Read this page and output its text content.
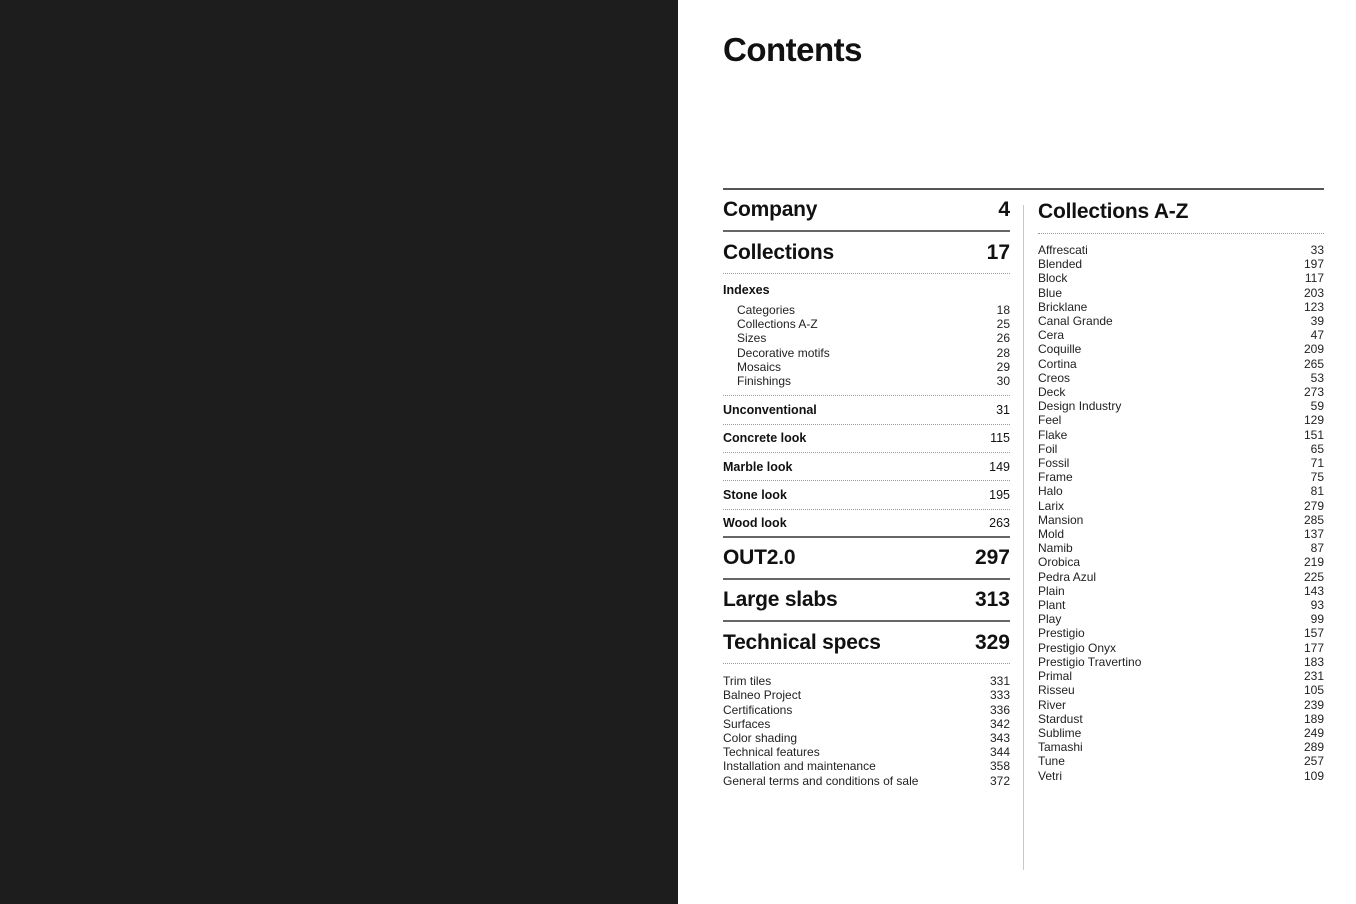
Contents
Company	4
Collections	17
Indexes
Categories	18
Collections A-Z	25
Sizes	26
Decorative motifs	28
Mosaics	29
Finishings	30
Unconventional	31
Concrete look	115
Marble look	149
Stone look	195
Wood look	263
OUT2.0	297
Large slabs	313
Technical specs	329
Trim tiles	331
Balneo Project	333
Certifications	336
Surfaces	342
Color shading	343
Technical features	344
Installation and maintenance	358
General terms and conditions of sale	372
Collections A-Z
Affrescati	33
Blended	197
Block	117
Blue	203
Bricklane	123
Canal Grande	39
Cera	47
Coquille	209
Cortina	265
Creos	53
Deck	273
Design Industry	59
Feel	129
Flake	151
Foil	65
Fossil	71
Frame	75
Halo	81
Larix	279
Mansion	285
Mold	137
Namib	87
Orobica	219
Pedra Azul	225
Plain	143
Plant	93
Play	99
Prestigio	157
Prestigio Onyx	177
Prestigio Travertino	183
Primal	231
Risseu	105
River	239
Stardust	189
Sublime	249
Tamashi	289
Tune	257
Vetri	109
